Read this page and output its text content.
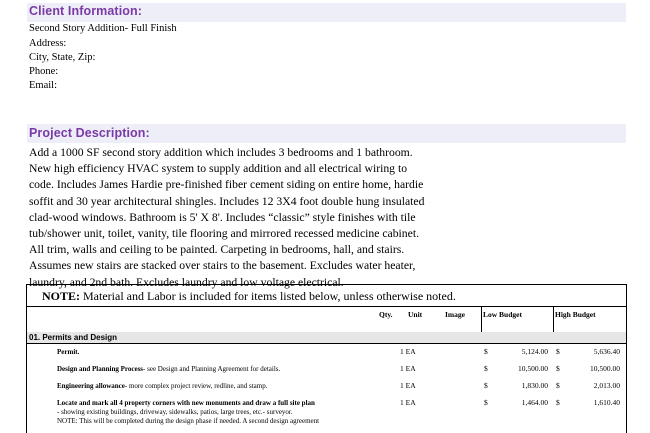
Client Information:
Second Story Addition- Full Finish
Address:
City, State, Zip:
Phone:
Email:
Project Description:
Add a 1000 SF second story addition which includes 3 bedrooms and 1 bathroom.
New high efficiency HVAC system to supply addition and all electrical wiring to
code. Includes James Hardie pre-finished fiber cement siding on entire home, hardie
soffit and 30 year architectural shingles. Includes 12 3X4 foot double hung insulated
clad-wood windows. Bathroom is 5' X 8'. Includes “classic” style finishes with tile
tub/shower unit, toilet, vanity, tile flooring and mirrored recessed medicine cabinet.
All trim, walls and ceiling to be painted. Carpeting in bedrooms, hall, and stairs.
Assumes new stairs are stacked over stairs to the basement. Excludes water heater,
laundry, and 2nd bath. Excludes laundry and low voltage electrical.
NOTE: Material and Labor is included for items listed below, unless otherwise noted.
Qty. Unit	Image Low Budget	High Budget
01. Permits and Design
Permit.	1 EA	$	5,124.00 $	5,636.40
Design and Planning Process- see Design and Planning Agreement for details.	1 EA	$	10,500.00 $	10,500.00
Engineering allowance- more complex project review, redline, and stamp.	1 EA	$	1,830.00 $	2,013.00
Locate and mark all 4 property corners with new monuments and draw a full site plan
- showing existing buildings, driveway, sidewalks, patios, large trees, etc.- surveyor.
NOTE: This will be completed during the design phase if needed. A second design agreement
1 EA	$	1,464.00 $	1,610.40
